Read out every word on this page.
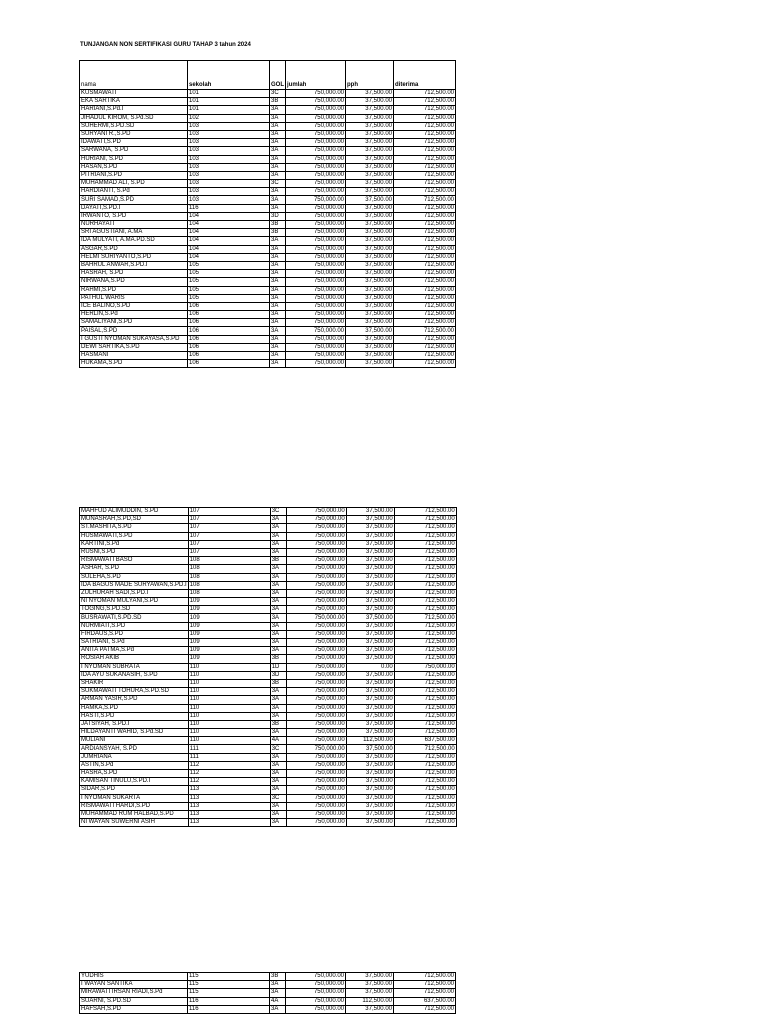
TUNJANGAN NON SERTIFIKASI GURU TAHAP 3 tahun 2024
nama	sekolah	GOL	jumlah	pph	diterima
KUSMAWATI	101	3C	750,000.00	37,500.00	712,500.00
EKA SARTIKA	101	3B	750,000.00	37,500.00	712,500.00
HARIANI,S.Pd.I	101	3A	750,000.00	37,500.00	712,500.00
JIHADUL KIROM, S.Pd.SD	102	3A	750,000.00	37,500.00	712,500.00
SUHERMI,S.PD.SD	103	3A	750,000.00	37,500.00	712,500.00
SURYANI R.,S.PD	103	3A	750,000.00	37,500.00	712,500.00
IDAWATI,S.PD	103	3A	750,000.00	37,500.00	712,500.00
SARWANA, S.PD	103	3A	750,000.00	37,500.00	712,500.00
HURIANI, S.PD	103	3A	750,000.00	37,500.00	712,500.00
HASAN,S.PD	103	3A	750,000.00	37,500.00	712,500.00
PITRIANI,S.PD	103	3A	750,000.00	37,500.00	712,500.00
MUHAMMAD ALI, S.PD	103	3C	750,000.00	37,500.00	712,500.00
HARDIANTI, S.Pd	103	3A	750,000.00	37,500.00	712,500.00
SURI SAMAD,S.PD	103	3A	750,000.00	37,500.00	712,500.00
DAYATI,S.PD.I	116	3A	750,000.00	37,500.00	712,500.00
IRWANTO, S.PD	104	3D	750,000.00	37,500.00	712,500.00
NURHAYATI	104	3B	750,000.00	37,500.00	712,500.00
SRI AGUSTIANI, A.MA	104	3B	750,000.00	37,500.00	712,500.00
IDA MULYATI, A.MA.PD.SD	104	3A	750,000.00	37,500.00	712,500.00
ASGAR,S.PD	104	3A	750,000.00	37,500.00	712,500.00
HELMI SURIYANTO,S.PD	104	3A	750,000.00	37,500.00	712,500.00
BAHRUL ANWAR,S.PD.I	105	3A	750,000.00	37,500.00	712,500.00
HASRAH, S.PD	105	3A	750,000.00	37,500.00	712,500.00
NIRWANA,S.PD	105	3A	750,000.00	37,500.00	712,500.00
RAHMI,S.PD	105	3A	750,000.00	37,500.00	712,500.00
PATHUL WARIS	105	3A	750,000.00	37,500.00	712,500.00
ICE BALINO,S.PD	106	3A	750,000.00	37,500.00	712,500.00
HERLIN,S.Pd	106	3A	750,000.00	37,500.00	712,500.00
SAMALIYANI,S.PD	106	3A	750,000.00	37,500.00	712,500.00
PAISAL,S.PD	106	3A	750,000.00	37,500.00	712,500.00
I GUSTI NYOMAN SUKAYASA,S.PD	106	3A	750,000.00	37,500.00	712,500.00
DEWI SARTIKA,S.PD	106	3A	750,000.00	37,500.00	712,500.00
HASMANI	106	3A	750,000.00	37,500.00	712,500.00
HUKAMA,S.PD	106	3A	750,000.00	37,500.00	712,500.00
MAHFUD ALIMUDDIN, S.PD	107	3C	750,000.00	37,500.00	712,500.00
MUNASRAH,S.PD,SD	107	3A	750,000.00	37,500.00	712,500.00
ST.MASHITA,S.PD	107	3A	750,000.00	37,500.00	712,500.00
HUSMAWATI,S.PD	107	3A	750,000.00	37,500.00	712,500.00
KARTINI,S.Pd	107	3A	750,000.00	37,500.00	712,500.00
RUSNI,S.PD	107	3A	750,000.00	37,500.00	712,500.00
RISMAWATI BASO	108	3B	750,000.00	37,500.00	712,500.00
ASHAR, S.PD	108	3A	750,000.00	37,500.00	712,500.00
SULEHA,S.PD	108	3A	750,000.00	37,500.00	712,500.00
IDA BAGUS MADE SURYAWAN,S.PD.I	108	3A	750,000.00	37,500.00	712,500.00
ZULHURAH SADI,S.PD.I	108	3A	750,000.00	37,500.00	712,500.00
NI NYOMAN MULYANI,S.PD	109	3A	750,000.00	37,500.00	712,500.00
TOGING,S.PD.SD	109	3A	750,000.00	37,500.00	712,500.00
BUSRAWATI,S.PD.SD	109	3A	750,000.00	37,500.00	712,500.00
NURMIATI,S.PD	109	3A	750,000.00	37,500.00	712,500.00
FIRDAUS,S.PD	109	3A	750,000.00	37,500.00	712,500.00
SATRIANI, S.Pd	109	3A	750,000.00	37,500.00	712,500.00
ANITA PATMA,S.Pd	109	3A	750,000.00	37,500.00	712,500.00
ROSIAH AKIB	109	3B	750,000.00	37,500.00	712,500.00
I NYOMAN SUBRATA	110	1D	750,000.00	0.00	750,000.00
IDA AYU SUKANASIH, S.PD	110	3D	750,000.00	37,500.00	712,500.00
SHAKIR	110	3B	750,000.00	37,500.00	712,500.00
SUKMAWATI TOHURA,S.PD.SD	110	3A	750,000.00	37,500.00	712,500.00
ARMAN YASIR,S.PD	110	3A	750,000.00	37,500.00	712,500.00
HAMKA,S.PD	110	3A	750,000.00	37,500.00	712,500.00
HASTI,S.PD	110	3A	750,000.00	37,500.00	712,500.00
JATSIYAH, S.PD.I	110	3B	750,000.00	37,500.00	712,500.00
HILDAYANTI WAHID, S.Pd.SD	110	3A	750,000.00	37,500.00	712,500.00
MULIANI	110	4A	750,000.00	112,500.00	637,500.00
ARDIANSYAH, S.PD	111	3C	750,000.00	37,500.00	712,500.00
JUMRIANA	111	3A	750,000.00	37,500.00	712,500.00
ASTIN,S.Pd	112	3A	750,000.00	37,500.00	712,500.00
HASRA,S.PD	112	3A	750,000.00	37,500.00	712,500.00
KAMISAN TINULU,S.PD.I	112	3A	750,000.00	37,500.00	712,500.00
SIDAR,S.PD	113	3A	750,000.00	37,500.00	712,500.00
I NYOMAN SUKARTA	113	3C	750,000.00	37,500.00	712,500.00
RISMAWATI HARDI,S.PD	113	3A	750,000.00	37,500.00	712,500.00
MUHAMMAD RUM HALBAD,S.PD	113	3A	750,000.00	37,500.00	712,500.00
NI WAYAN SUWERNI ASIH	113	3A	750,000.00	37,500.00	712,500.00
YUDHIS	115	3B	750,000.00	37,500.00	712,500.00
I WAYAN SANTIKA	115	3A	750,000.00	37,500.00	712,500.00
MIRAWATI IRSAN RIADI,S.Pd	115	3A	750,000.00	37,500.00	712,500.00
SUARNI, S.PD.SD	116	4A	750,000.00	112,500.00	637,500.00
HAFSAH,S.PD	116	3A	750,000.00	37,500.00	712,500.00
